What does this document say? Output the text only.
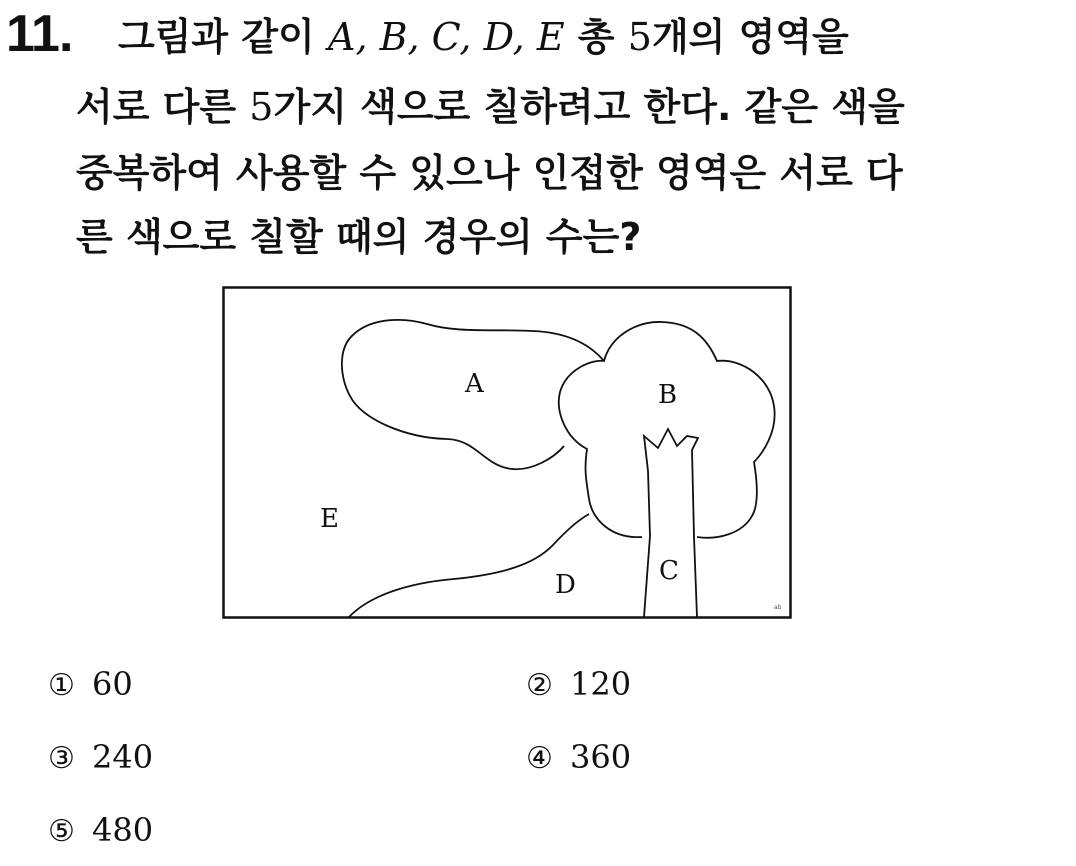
11. 그림과 같이 A, B, C, D, E 총 5개의 영역을
서로 다른 5가지 색으로 칠하려고 한다. 같은 색을
중복하여 사용할 수 있으나 인접한 영역은 서로 다
른 색으로 칠할 때의 경우의 수는?
A	B
C
D
E
ab
① 60	② 120
③ 240	④ 360
⑤ 480
